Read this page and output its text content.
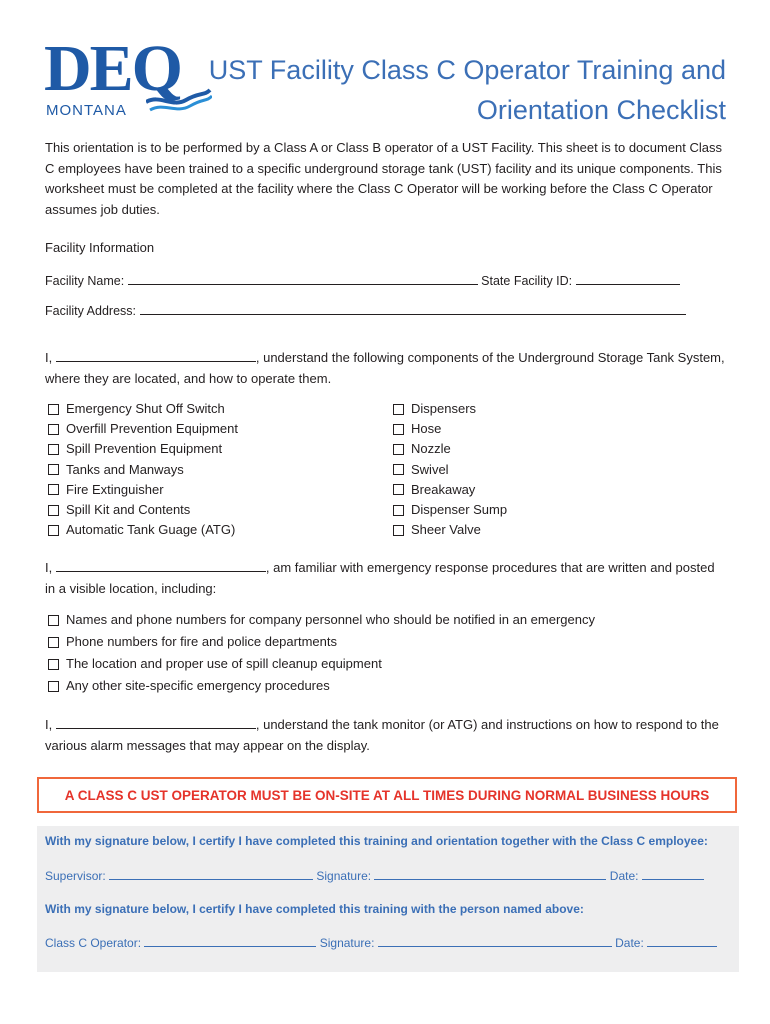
DEQ
MONTANA
UST Facility Class C Operator Training and Orientation Checklist
This orientation is to be performed by a Class A or Class B operator of a UST Facility. This sheet is to document Class C employees have been trained to a specific underground storage tank (UST) facility and its unique components. This worksheet must be completed at the facility where the Class C Operator will be working before the Class C Operator assumes job duties.
Facility Information
Facility Name:	State Facility ID:
Facility Address:
I,	, understand the following components of the Underground Storage Tank System, where they are located, and how to operate them.
Emergency Shut Off Switch
Overfill Prevention Equipment
Spill Prevention Equipment
Tanks and Manways
Fire Extinguisher
Spill Kit and Contents
Automatic Tank Guage (ATG)
Dispensers
Hose
Nozzle
Swivel
Breakaway
Dispenser Sump
Sheer Valve
I,	, am familiar with emergency response procedures that are written and posted in a visible location, including:
Names and phone numbers for company personnel who should be notified in an emergency
Phone numbers for fire and police departments
The location and proper use of spill cleanup equipment
Any other site-specific emergency procedures
I,	, understand the tank monitor (or ATG) and instructions on how to respond to the various alarm messages that may appear on the display.
A CLASS C UST OPERATOR MUST BE ON-SITE AT ALL TIMES DURING NORMAL BUSINESS HOURS
With my signature below, I certify I have completed this training and orientation together with the Class C employee:
Supervisor:	Signature:	Date:
With my signature below, I certify I have completed this training with the person named above:
Class C Operator:	Signature:	Date:
